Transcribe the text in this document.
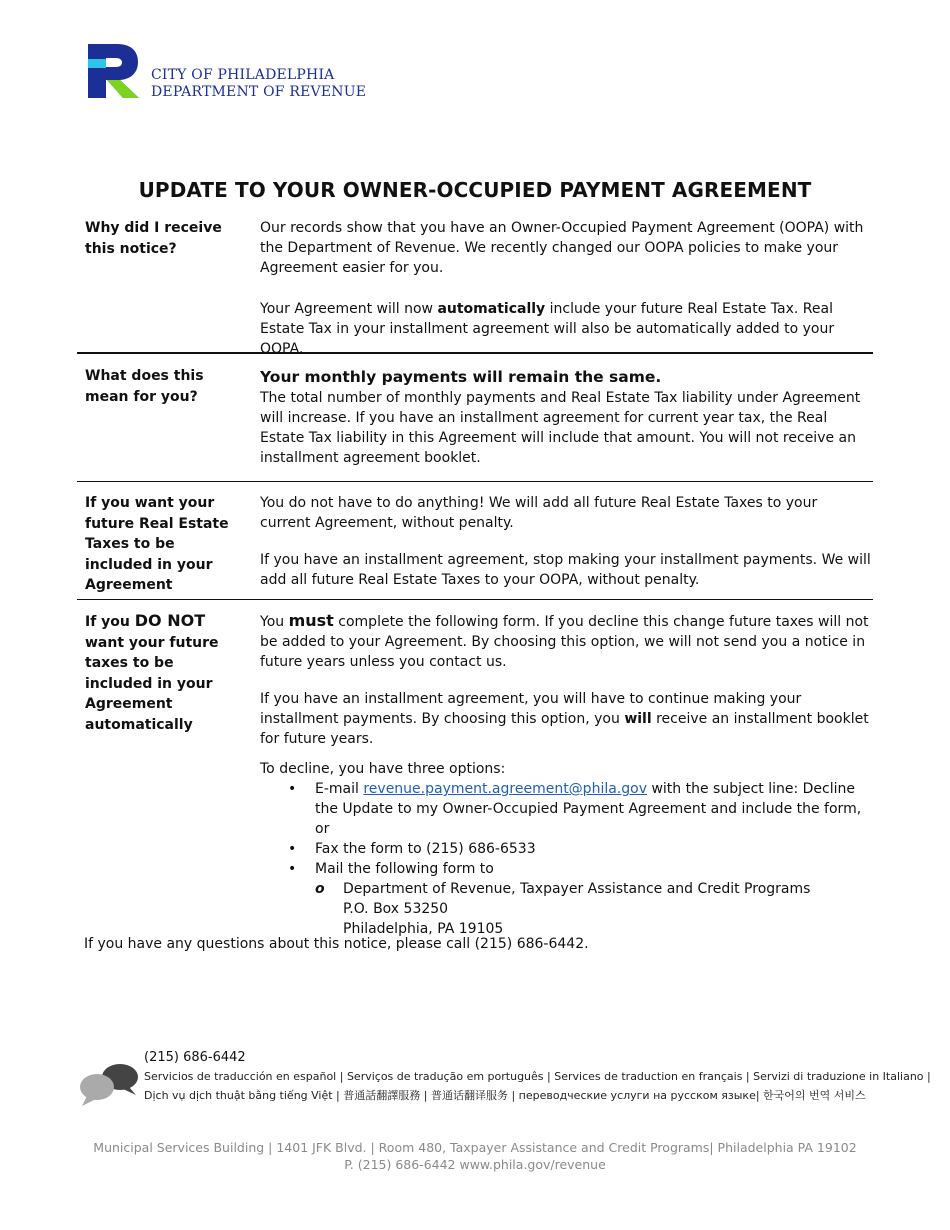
CITY OF PHILADELPHIA
DEPARTMENT OF REVENUE
UPDATE TO YOUR OWNER-OCCUPIED PAYMENT AGREEMENT
Why did I receive this notice?

Our records show that you have an Owner-Occupied Payment Agreement (OOPA) with the Department of Revenue. We recently changed our OOPA policies to make your Agreement easier for you.

Your Agreement will now automatically include your future Real Estate Tax. Real Estate Tax in your installment agreement will also be automatically added to your OOPA.

What does this mean for you?

Your monthly payments will remain the same.

The total number of monthly payments and Real Estate Tax liability under Agreement will increase. If you have an installment agreement for current year tax, the Real Estate Tax liability in this Agreement will include that amount. You will not receive an installment agreement booklet.

If you want your future Real Estate Taxes to be included in your Agreement

You do not have to do anything! We will add all future Real Estate Taxes to your current Agreement, without penalty.

If you have an installment agreement, stop making your installment payments. We will add all future Real Estate Taxes to your OOPA, without penalty.

If you DO NOT want your future taxes to be included in your Agreement automatically

You must complete the following form. If you decline this change future taxes will not be added to your Agreement. By choosing this option, we will not send you a notice in future years unless you contact us.

If you have an installment agreement, you will have to continue making your installment payments. By choosing this option, you will receive an installment booklet for future years.

To decline, you have three options:

• E-mail revenue.payment.agreement@phila.gov with the subject line: Decline the Update to my Owner-Occupied Payment Agreement and include the form, or
• Fax the form to (215) 686-6533
• Mail the following form to
o Department of Revenue, Taxpayer Assistance and Credit Programs
P.O. Box 53250
Philadelphia, PA 19105
If you have any questions about this notice, please call (215) 686-6442.
(215) 686-6442
Servicios de traducción en español | Serviços de tradução em português | Services de traduction en français | Servizi di traduzione in Italiano |
Dịch vụ dịch thuật bằng tiếng Việt | 普通話翻譯服務 | 普通话翻译服务 | переводческие услуги на русском языке| 한국어의 번역 서비스
Municipal Services Building | 1401 JFK Blvd. | Room 480, Taxpayer Assistance and Credit Programs| Philadelphia PA 19102
P. (215) 686-6442 www.phila.gov/revenue
